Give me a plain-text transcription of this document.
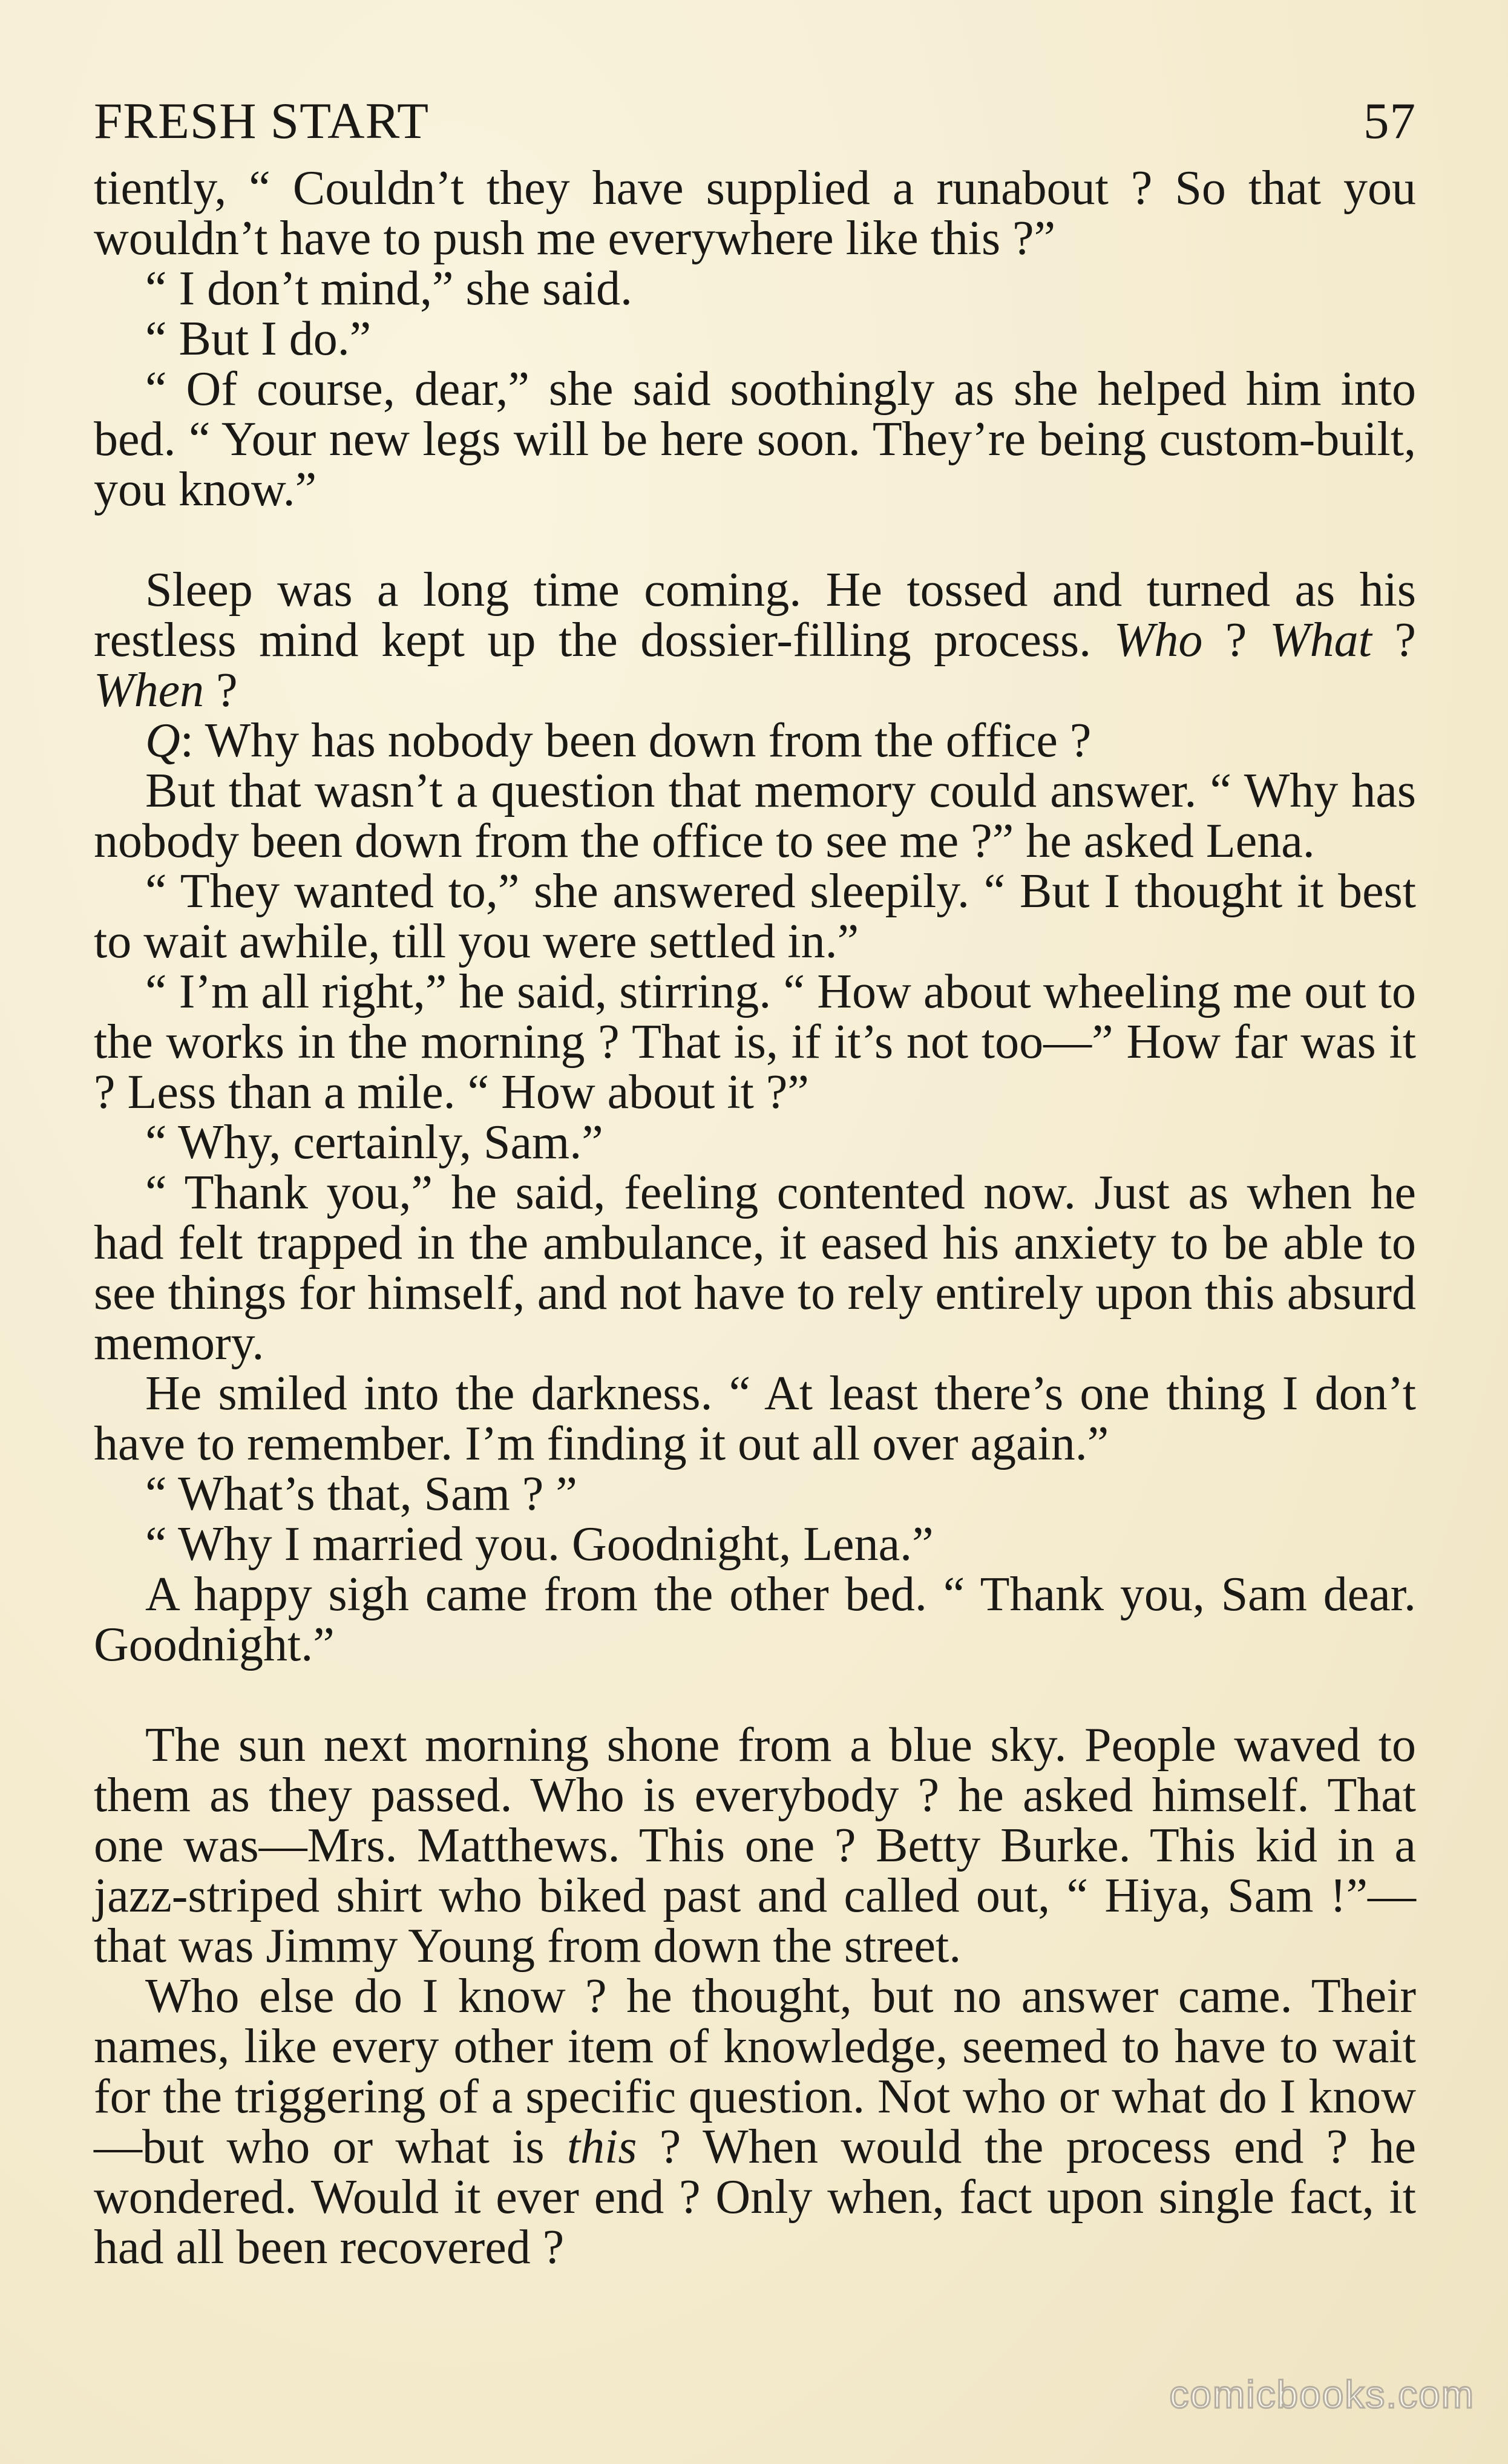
FRESH START	57

tiently, “ Couldn’t they have supplied a runabout ? So that you wouldn’t have to push me everywhere like this ?”

“ I don’t mind,” she said.

“ But I do.”

“ Of course, dear,” she said soothingly as she helped him into bed. “ Your new legs will be here soon. They’re being custom-built, you know.”

Sleep was a long time coming. He tossed and turned as his restless mind kept up the dossier-filling process. Who ? What ? When ?

Q: Why has nobody been down from the office ?

But that wasn’t a question that memory could answer. “ Why has nobody been down from the office to see me ?” he asked Lena.

“ They wanted to,” she answered sleepily. “ But I thought it best to wait awhile, till you were settled in.”

“ I’m all right,” he said, stirring. “ How about wheeling me out to the works in the morning ? That is, if it’s not too—” How far was it ? Less than a mile. “ How about it ?”

“ Why, certainly, Sam.”

“ Thank you,” he said, feeling contented now. Just as when he had felt trapped in the ambulance, it eased his anxiety to be able to see things for himself, and not have to rely entirely upon this absurd memory.

He smiled into the darkness. “ At least there’s one thing I don’t have to remember. I’m finding it out all over again.”

“ What’s that, Sam ? ”

“ Why I married you. Goodnight, Lena.”

A happy sigh came from the other bed. “ Thank you, Sam dear. Goodnight.”

The sun next morning shone from a blue sky. People waved to them as they passed. Who is everybody ? he asked himself. That one was—Mrs. Matthews. This one ? Betty Burke. This kid in a jazz-striped shirt who biked past and called out, “ Hiya, Sam !”—that was Jimmy Young from down the street.

Who else do I know ? he thought, but no answer came. Their names, like every other item of knowledge, seemed to have to wait for the triggering of a specific question. Not who or what do I know—but who or what is this ? When would the process end ? he wondered. Would it ever end ? Only when, fact upon single fact, it had all been recovered ?

comicbooks.com
